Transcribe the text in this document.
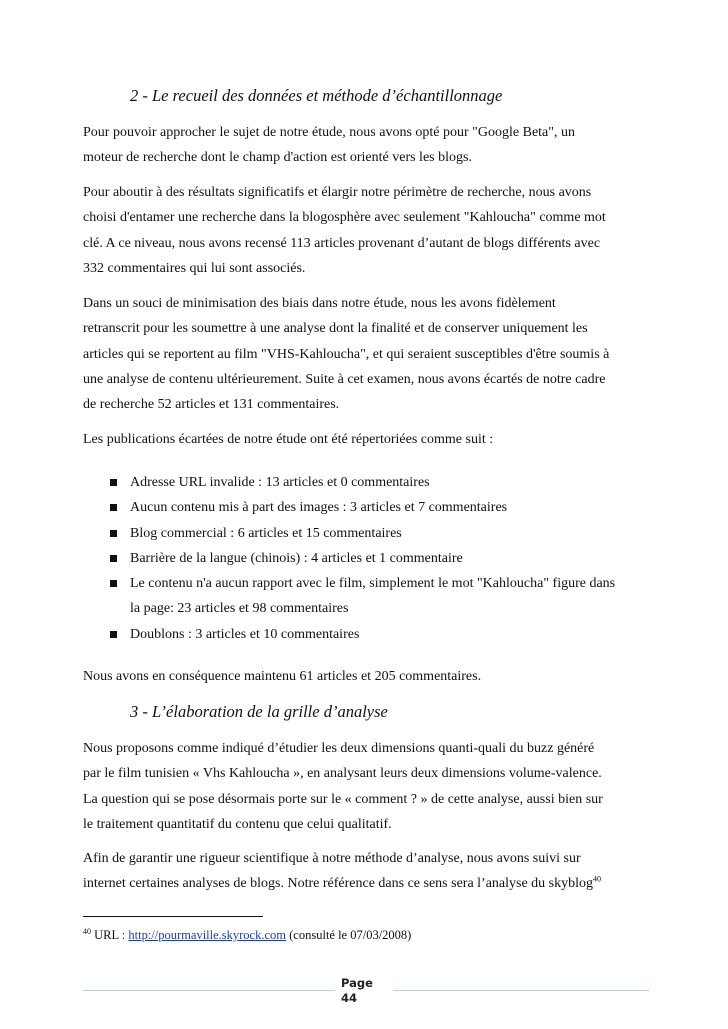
2 - Le recueil des données et méthode d’échantillonnage
Pour pouvoir approcher le sujet de notre étude, nous avons opté pour "Google Beta", un
moteur de recherche dont le champ d'action est orienté vers les blogs.
Pour aboutir à des résultats significatifs et élargir notre périmètre de recherche, nous avons
choisi d'entamer une recherche dans la blogosphère avec seulement "Kahloucha" comme mot
clé. A ce niveau, nous avons recensé 113 articles provenant d’autant de blogs différents avec
332 commentaires qui lui sont associés.
Dans un souci de minimisation des biais dans notre étude, nous les avons fidèlement
retranscrit pour les soumettre à une analyse dont la finalité et de conserver uniquement les
articles qui se reportent au film "VHS-Kahloucha", et qui seraient susceptibles d'être soumis à
une analyse de contenu ultérieurement. Suite à cet examen, nous avons écartés de notre cadre
de recherche 52 articles et 131 commentaires.
Les publications écartées de notre étude ont été répertoriées comme suit :
Adresse URL invalide : 13 articles et 0 commentaires
Aucun contenu mis à part des images : 3 articles et 7 commentaires
Blog commercial : 6 articles et 15 commentaires
Barrière de la langue (chinois) : 4 articles et 1 commentaire
Le contenu n'a aucun rapport avec le film, simplement le mot "Kahloucha" figure dans
la page: 23 articles et 98 commentaires
Doublons : 3 articles et 10 commentaires
Nous avons en conséquence maintenu 61 articles et 205 commentaires.
3 - L’élaboration de la grille d’analyse
Nous proposons comme indiqué d’étudier les deux dimensions quanti-quali du buzz généré
par le film tunisien « Vhs Kahloucha », en analysant leurs deux dimensions volume-valence.
La question qui se pose désormais porte sur le « comment ? » de cette analyse, aussi bien sur
le traitement quantitatif du contenu que celui qualitatif.
Afin de garantir une rigueur scientifique à notre méthode d’analyse, nous avons suivi sur
internet certaines analyses de blogs. Notre référence dans ce sens sera l’analyse du skyblog$^{40}$
$^{40}$ URL : http://pourmaville.skyrock.com (consulté le 07/03/2008)
Page
44
